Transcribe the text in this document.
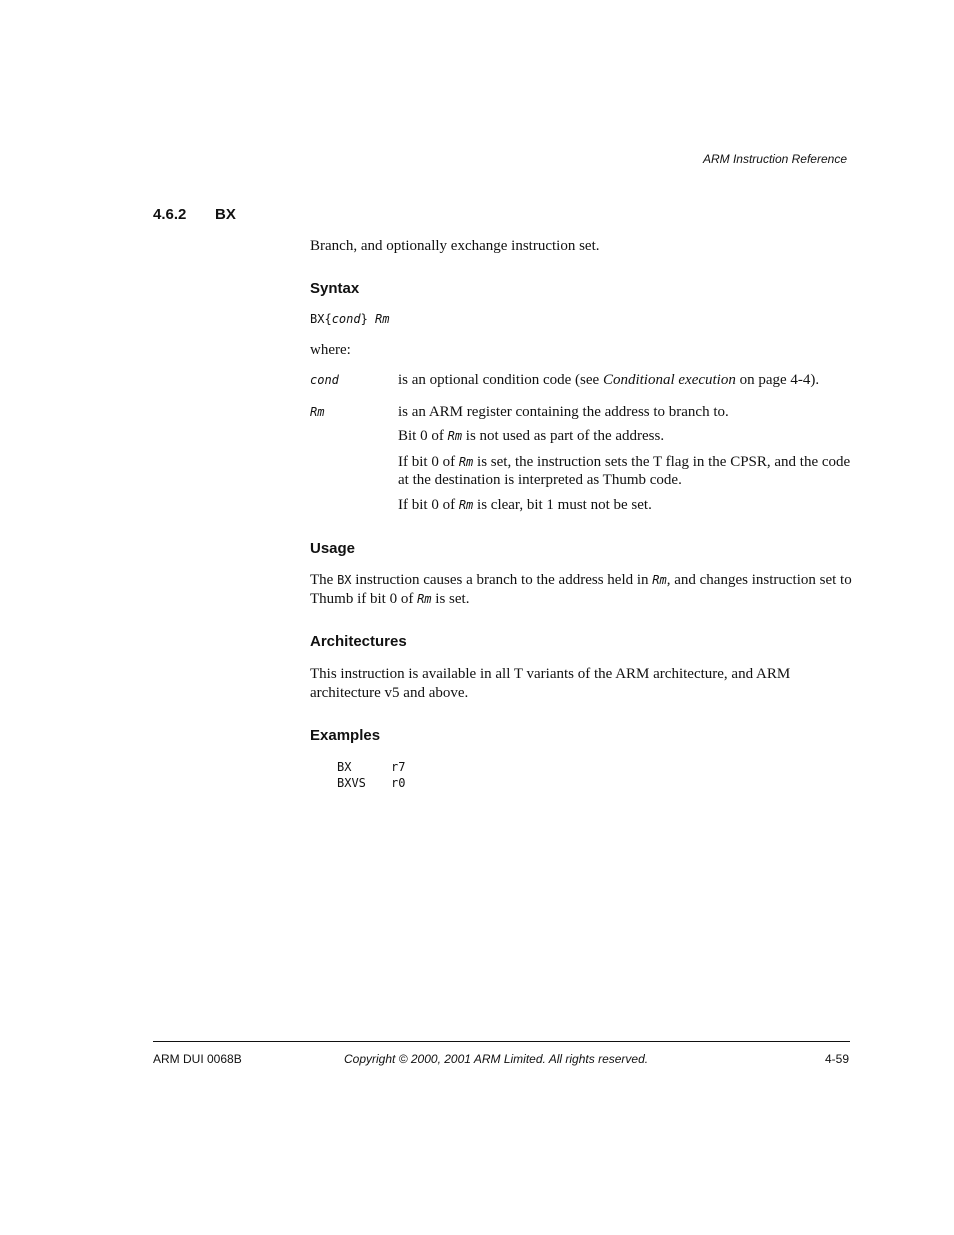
ARM Instruction Reference
4.6.2 BX
Branch, and optionally exchange instruction set.
Syntax
BX{cond} Rm
where:
cond	is an optional condition code (see Conditional execution on page 4-4).
Rm	is an ARM register containing the address to branch to.
Bit 0 of Rm is not used as part of the address.
If bit 0 of Rm is set, the instruction sets the T flag in the CPSR, and the code at the destination is interpreted as Thumb code.
If bit 0 of Rm is clear, bit 1 must not be set.
Usage
The BX instruction causes a branch to the address held in Rm, and changes instruction set to Thumb if bit 0 of Rm is set.
Architectures
This instruction is available in all T variants of the ARM architecture, and ARM architecture v5 and above.
Examples
BX	r7
BXVS r0
ARM DUI 0068B	Copyright © 2000, 2001 ARM Limited. All rights reserved.	4-59
